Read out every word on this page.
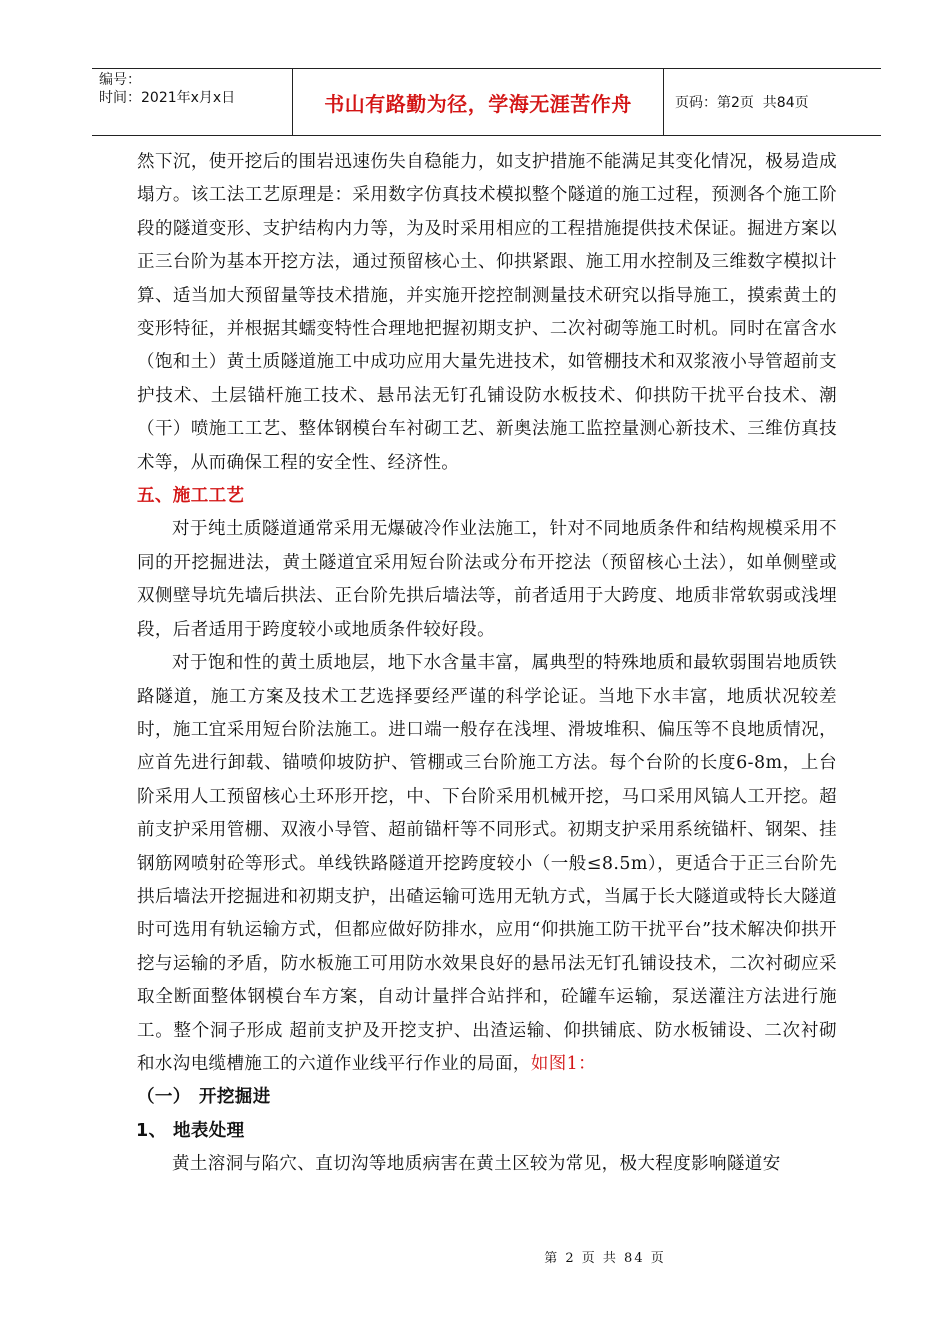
编号：
时间：2021年x月x日	书山有路勤为径，学海无涯苦作舟	页码：第2页  共84页

然下沉，使开挖后的围岩迅速伤失自稳能力，如支护措施不能满足其变化情况，极易造成塌方。该工法工艺原理是：采用数字仿真技术模拟整个隧道的施工过程，预测各个施工阶段的隧道变形、支护结构内力等，为及时采用相应的工程措施提供技术保证。掘进方案以正三台阶为基本开挖方法，通过预留核心土、仰拱紧跟、施工用水控制及三维数字模拟计算、适当加大预留量等技术措施，并实施开挖控制测量技术研究以指导施工，摸索黄土的变形特征，并根据其蠕变特性合理地把握初期支护、二次衬砌等施工时机。同时在富含水（饱和土）黄土质隧道施工中成功应用大量先进技术，如管棚技术和双浆液小导管超前支护技术、土层锚杆施工技术、悬吊法无钉孔铺设防水板技术、仰拱防干扰平台技术、潮（干）喷施工工艺、整体钢模台车衬砌工艺、新奥法施工监控量测心新技术、三维仿真技术等，从而确保工程的安全性、经济性。

五、施工工艺

对于纯土质隧道通常采用无爆破冷作业法施工，针对不同地质条件和结构规模采用不同的开挖掘进法，黄土隧道宜采用短台阶法或分布开挖法（预留核心土法），如单侧壁或双侧壁导坑先墙后拱法、正台阶先拱后墙法等，前者适用于大跨度、地质非常软弱或浅埋段，后者适用于跨度较小或地质条件较好段。

对于饱和性的黄土质地层，地下水含量丰富，属典型的特殊地质和最软弱围岩地质铁路隧道，施工方案及技术工艺选择要经严谨的科学论证。当地下水丰富，地质状况较差时，施工宜采用短台阶法施工。进口端一般存在浅埋、滑坡堆积、偏压等不良地质情况，应首先进行卸载、锚喷仰坡防护、管棚或三台阶施工方法。每个台阶的长度6-8m，上台阶采用人工预留核心土环形开挖，中、下台阶采用机械开挖，马口采用风镐人工开挖。超前支护采用管棚、双液小导管、超前锚杆等不同形式。初期支护采用系统锚杆、钢架、挂钢筋网喷射砼等形式。单线铁路隧道开挖跨度较小（一般≤8.5m），更适合于正三台阶先拱后墙法开挖掘进和初期支护，出碴运输可选用无轨方式，当属于长大隧道或特长大隧道时可选用有轨运输方式，但都应做好防排水，应用“仰拱施工防干扰平台”技术解决仰拱开挖与运输的矛盾，防水板施工可用防水效果良好的悬吊法无钉孔铺设技术，二次衬砌应采取全断面整体钢模台车方案，自动计量拌合站拌和，砼罐车运输，泵送灌注方法进行施工。整个洞子形成 超前支护及开挖支护、出渣运输、仰拱铺底、防水板铺设、二次衬砌和水沟电缆槽施工的六道作业线平行作业的局面，如图1：

（一） 开挖掘进

1、 地表处理

黄土溶洞与陷穴、直切沟等地质病害在黄土区较为常见，极大程度影响隧道安

第 2 页 共 84 页
